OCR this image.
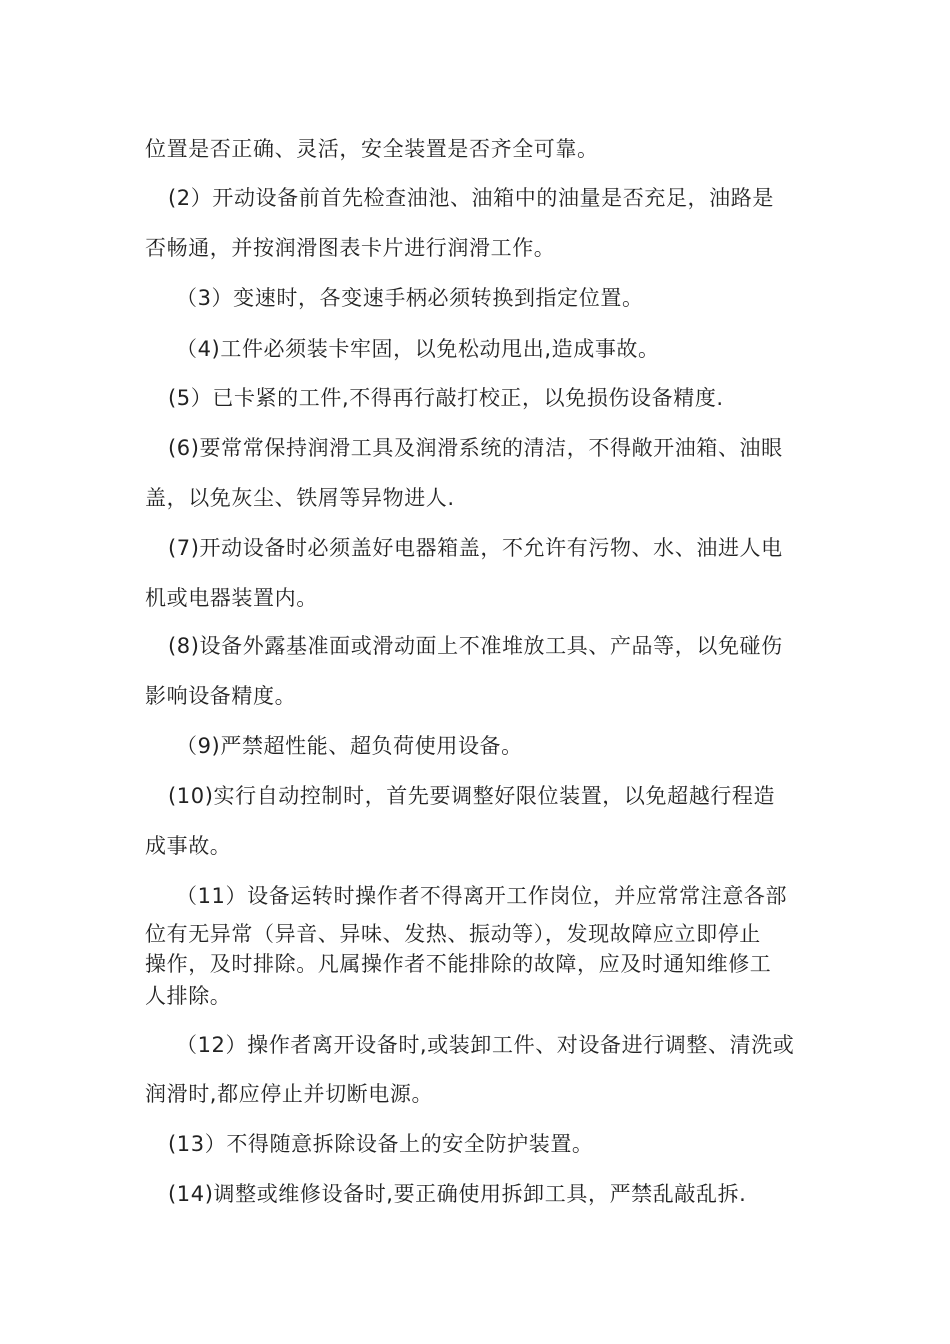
位置是否正确、灵活，安全装置是否齐全可靠。
(2）开动设备前首先检查油池、油箱中的油量是否充足，油路是
否畅通，并按润滑图表卡片进行润滑工作。
（3）变速时，各变速手柄必须转换到指定位置。
（4)工件必须装卡牢固，以免松动甩出,造成事故。
(5）已卡紧的工件,不得再行敲打校正，以免损伤设备精度.
(6)要常常保持润滑工具及润滑系统的清洁，不得敞开油箱、油眼
盖，以免灰尘、铁屑等异物进人.
(7)开动设备时必须盖好电器箱盖，不允许有污物、水、油进人电
机或电器装置内。
(8)设备外露基准面或滑动面上不准堆放工具、产品等，以免碰伤
影响设备精度。
（9)严禁超性能、超负荷使用设备。
(10)实行自动控制时，首先要调整好限位装置，以免超越行程造
成事故。
（11）设备运转时操作者不得离开工作岗位，并应常常注意各部
位有无异常（异音、异味、发热、振动等），发现故障应立即停止
操作，及时排除。凡属操作者不能排除的故障，应及时通知维修工
人排除。
（12）操作者离开设备时,或装卸工件、对设备进行调整、清洗或
润滑时,都应停止并切断电源。
(13）不得随意拆除设备上的安全防护装置。
(14)调整或维修设备时,要正确使用拆卸工具，严禁乱敲乱拆.
